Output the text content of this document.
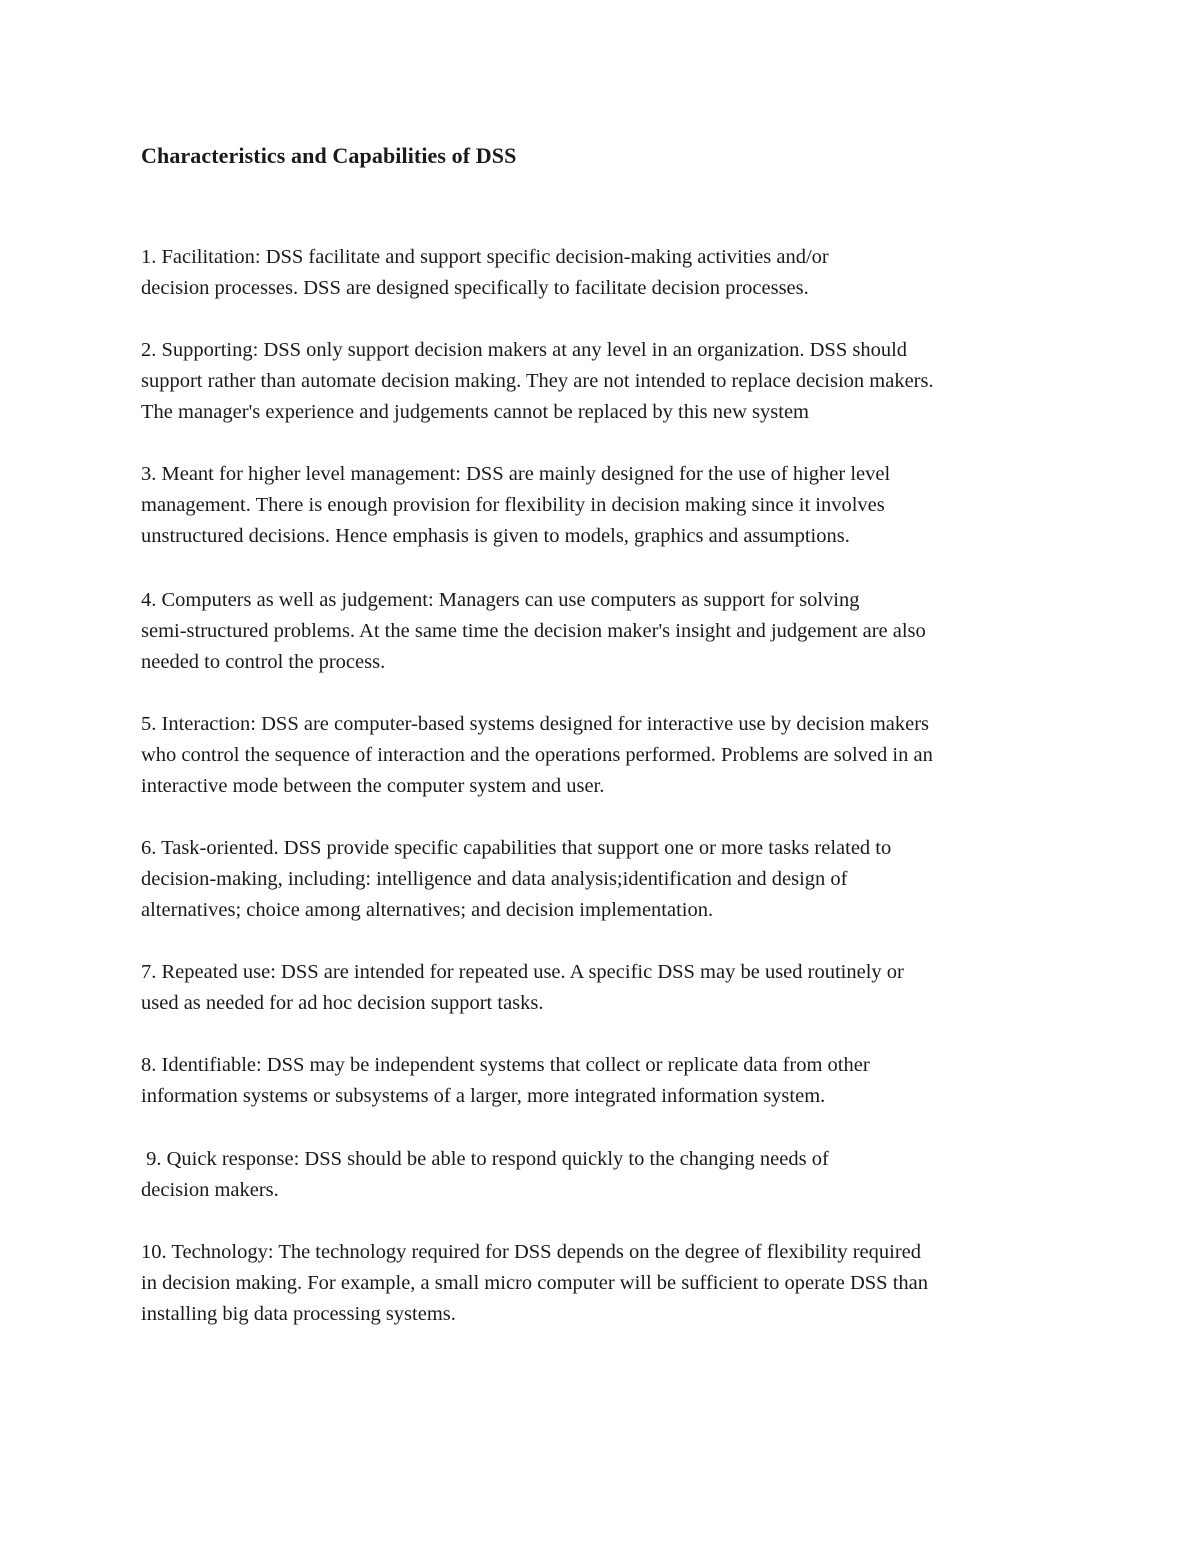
Characteristics and Capabilities of DSS

1. Facilitation: DSS facilitate and support specific decision-making activities and/or
decision processes. DSS are designed specifically to facilitate decision processes.

2. Supporting: DSS only support decision makers at any level in an organization. DSS should
support rather than automate decision making. They are not intended to replace decision makers.
The manager's experience and judgements cannot be replaced by this new system

3. Meant for higher level management: DSS are mainly designed for the use of higher level
management. There is enough provision for flexibility in decision making since it involves
unstructured decisions. Hence emphasis is given to models, graphics and assumptions.

4. Computers as well as judgement: Managers can use computers as support for solving
semi-structured problems. At the same time the decision maker's insight and judgement are also
needed to control the process.

5. Interaction: DSS are computer-based systems designed for interactive use by decision makers
who control the sequence of interaction and the operations performed. Problems are solved in an
interactive mode between the computer system and user.

6. Task-oriented. DSS provide specific capabilities that support one or more tasks related to
decision-making, including: intelligence and data analysis;identification and design of
alternatives; choice among alternatives; and decision implementation.

7. Repeated use: DSS are intended for repeated use. A specific DSS may be used routinely or
used as needed for ad hoc decision support tasks.

8. Identifiable: DSS may be independent systems that collect or replicate data from other
information systems or subsystems of a larger, more integrated information system.

9. Quick response: DSS should be able to respond quickly to the changing needs of
decision makers.

10. Technology: The technology required for DSS depends on the degree of flexibility required
in decision making. For example, a small micro computer will be sufficient to operate DSS than
installing big data processing systems.
